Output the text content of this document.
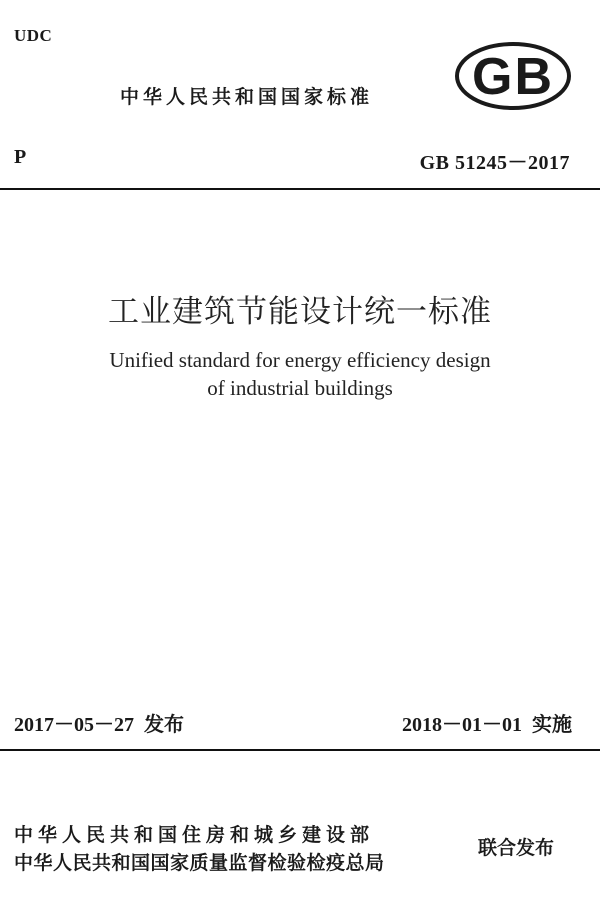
UDC
中华人民共和国国家标准 GB
P	GB 51245－2017
工业建筑节能设计统一标准
Unified standard for energy efficiency design
of industrial buildings
2017－05－27 发布	2018－01－01 实施
中华人民共和国住房和城乡建设部
中华人民共和国国家质量监督检验检疫总局
联合发布
